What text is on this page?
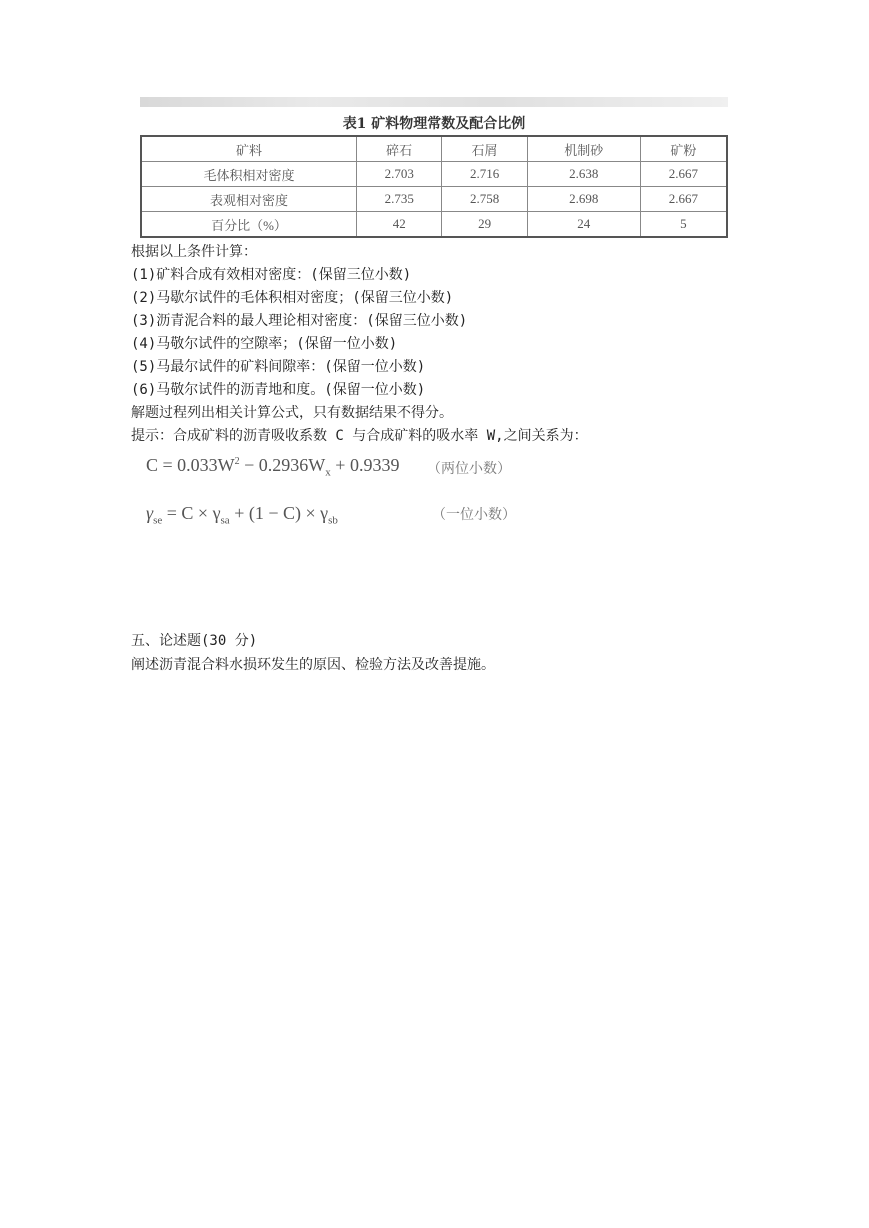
表1 矿料物理常数及配合比例
矿料	碎石	石屑	机制砂	矿粉
毛体积相对密度	2.703	2.716	2.638	2.667
表观相对密度	2.735	2.758	2.698	2.667
百分比（%）	42	29	24	5
根据以上条件计算：
(1)矿料合成有效相对密度：(保留三位小数)
(2)马歇尔试件的毛体积相对密度；(保留三位小数)
(3)沥青泥合料的最人理论相对密度：(保留三位小数)
(4)马敬尔试件的空隙率；(保留一位小数)
(5)马最尔试件的矿料间隙率：(保留一位小数)
(6)马敬尔试件的沥青地和度。(保留一位小数)
解题过程列出相关计算公式，只有数据结果不得分。
提示：合成矿料的沥青吸收系数 C 与合成矿料的吸水率 W,之间关系为：
$C = 0.033W^2 - 0.2936W_x + 0.9339$ （两位小数）
$\gamma_{se} = C \times \gamma_{sa} + (1 - C) \times \gamma_{sb}$	（一位小数）
五、论述题(30 分)
阐述沥青混合料水损环发生的原因、检验方法及改善提施。
